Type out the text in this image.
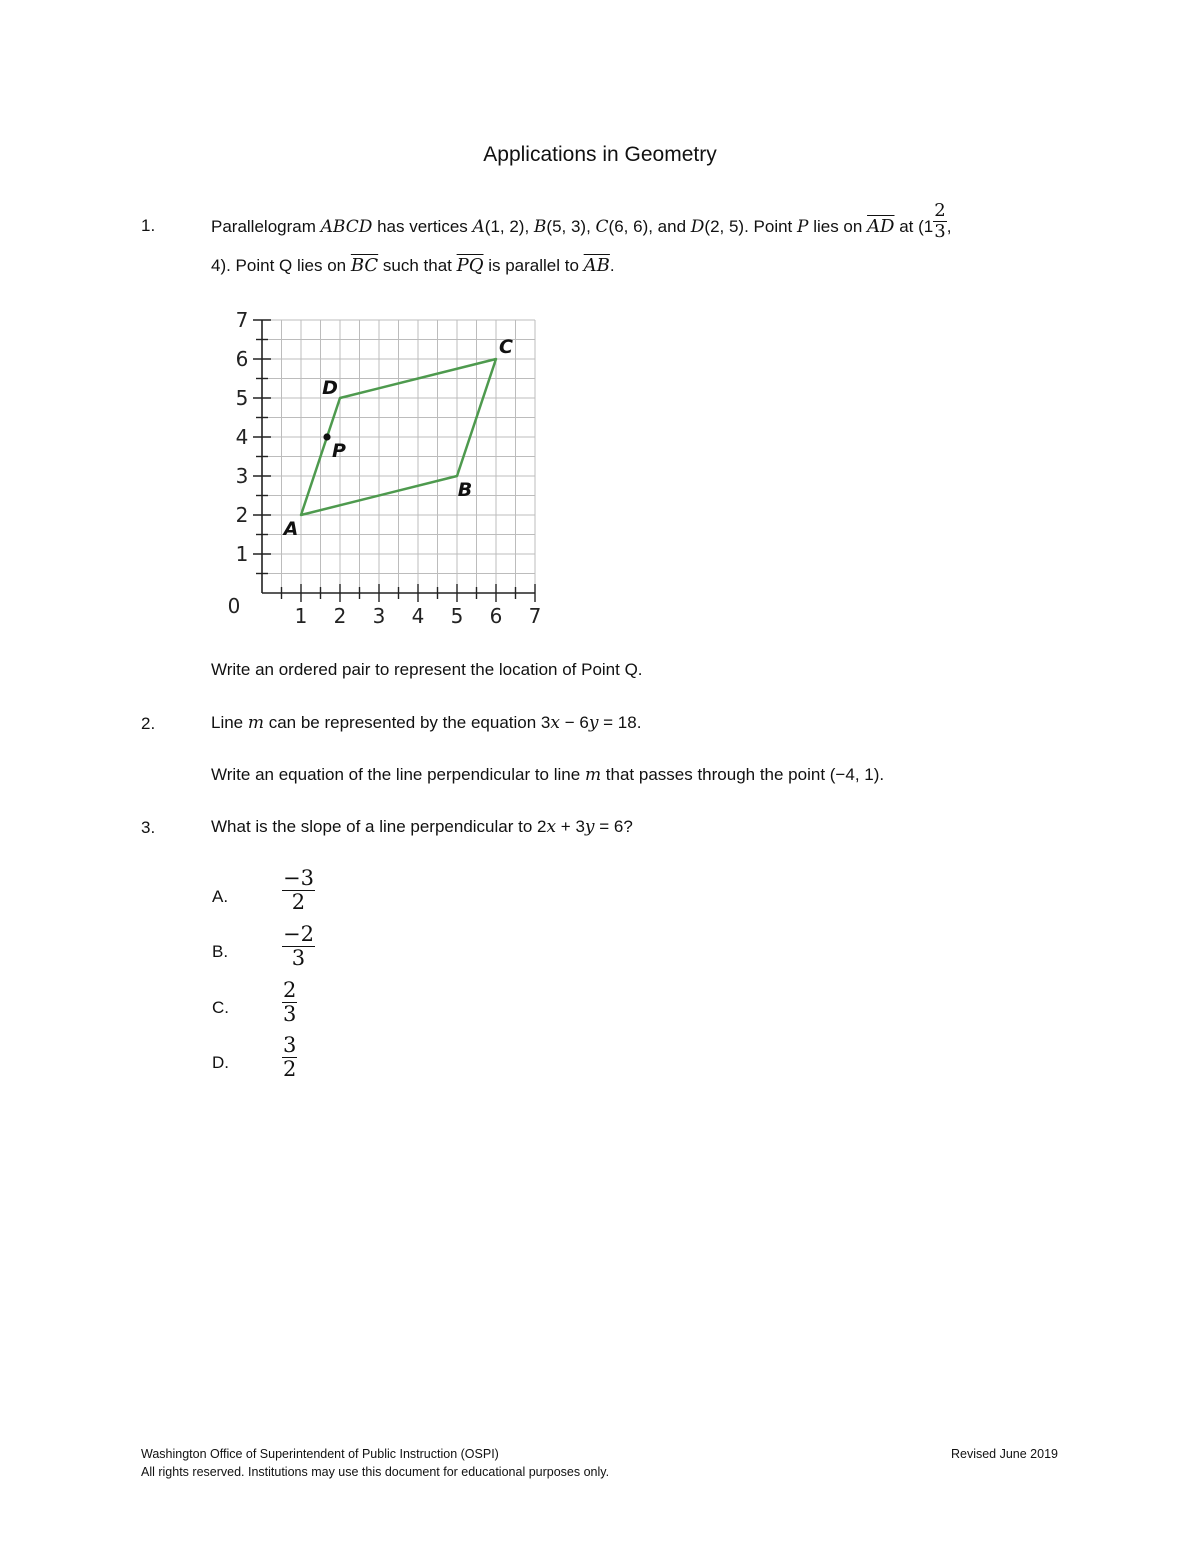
Applications in Geometry
1.	Parallelogram ABCD has vertices A(1, 2), B(5, 3), C(6, 6), and D(2, 5). Point P lies on $\overline{AD}$ at ($1 \frac{2}{3}$ ,
4). Point Q lies on $\overline{BC}$ such that $\overline{PQ}$ is parallel to $\overline{AB}$.
1 2 3 4 5 6 7
1
2
3
4
5
6
7
0
A
B
C
D
P
Write an ordered pair to represent the location of Point Q.
2.	Line m can be represented by the equation 3x − 6y = 18.
Write an equation of the line perpendicular to line m that passes through the point (−4, 1).
3.	What is the slope of a line perpendicular to 2x + 3y = 6?
A.	$\frac{-3}{2}$
B.	$\frac{-2}{3}$
C.	$\frac{2}{3}$
D.	$\frac{3}{2}$
Washington Office of Superintendent of Public Instruction (OSPI)
All rights reserved. Institutions may use this document for educational purposes only.
Revised June 2019
